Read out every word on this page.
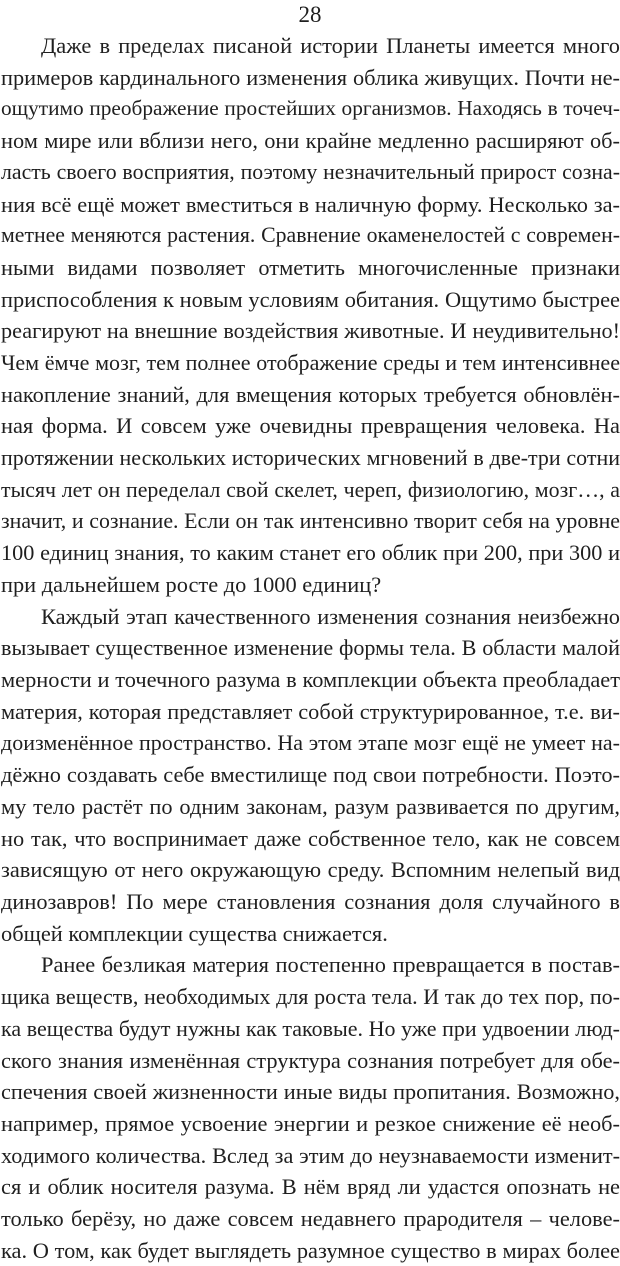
28
Даже в пределах писаной истории Планеты имеется много
примеров кардинального изменения облика живущих. Почти не-
ощутимо преображение простейших организмов. Находясь в точеч-
ном мире или вблизи него, они крайне медленно расширяют об-
ласть своего восприятия, поэтому незначительный прирост созна-
ния всё ещё может вместиться в наличную форму. Несколько за-
метнее меняются растения. Сравнение окаменелостей с современ-
ными видами позволяет отметить многочисленные признаки
приспособления к новым условиям обитания. Ощутимо быстрее
реагируют на внешние воздействия животные. И неудивительно!
Чем ёмче мозг, тем полнее отображение среды и тем интенсивнее
накопление знаний, для вмещения которых требуется обновлён-
ная форма. И совсем уже очевидны превращения человека. На
протяжении нескольких исторических мгновений в две-три сотни
тысяч лет он переделал свой скелет, череп, физиологию, мозг…, а
значит, и сознание. Если он так интенсивно творит себя на уровне
100 единиц знания, то каким станет его облик при 200, при 300 и
при дальнейшем росте до 1000 единиц?
Каждый этап качественного изменения сознания неизбежно
вызывает существенное изменение формы тела. В области малой
мерности и точечного разума в комплекции объекта преобладает
материя, которая представляет собой структурированное, т.е. ви-
доизменённое пространство. На этом этапе мозг ещё не умеет на-
дёжно создавать себе вместилище под свои потребности. Поэто-
му тело растёт по одним законам, разум развивается по другим,
но так, что воспринимает даже собственное тело, как не совсем
зависящую от него окружающую среду. Вспомним нелепый вид
динозавров! По мере становления сознания доля случайного в
общей комплекции существа снижается.
Ранее безликая материя постепенно превращается в постав-
щика веществ, необходимых для роста тела. И так до тех пор, по-
ка вещества будут нужны как таковые. Но уже при удвоении люд-
ского знания изменённая структура сознания потребует для обе-
спечения своей жизненности иные виды пропитания. Возможно,
например, прямое усвоение энергии и резкое снижение её необ-
ходимого количества. Вслед за этим до неузнаваемости изменит-
ся и облик носителя разума. В нём вряд ли удастся опознать не
только берёзу, но даже совсем недавнего прародителя – челове-
ка. О том, как будет выглядеть разумное существо в мирах более
